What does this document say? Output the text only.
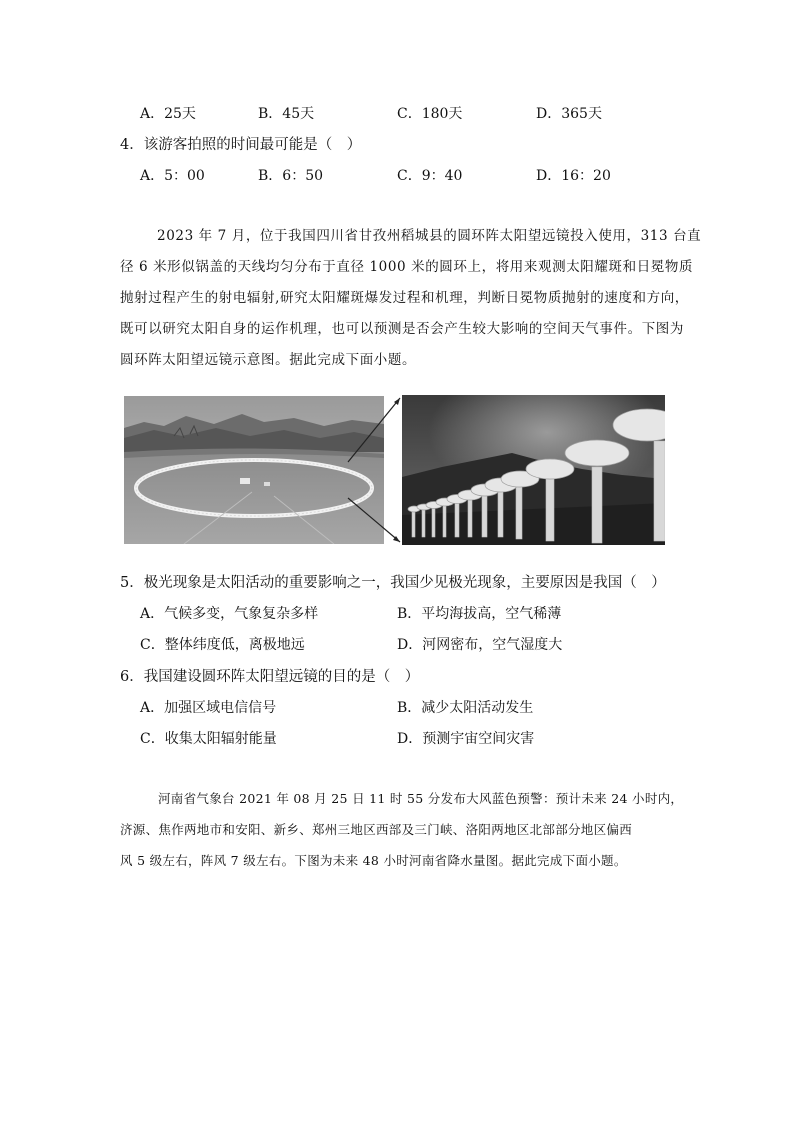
A．25天	B．45天	C．180天	D．365天
4．该游客拍照的时间最可能是（　）
A．5：00	B．6：50	C．9：40	D．16：20

2023 年 7 月，位于我国四川省甘孜州稻城县的圆环阵太阳望远镜投入使用，313 台直

径 6 米形似锅盖的天线均匀分布于直径 1000 米的圆环上，将用来观测太阳耀斑和日冕物质

抛射过程产生的射电辐射,研究太阳耀斑爆发过程和机理，判断日冕物质抛射的速度和方向，

既可以研究太阳自身的运作机理，也可以预测是否会产生较大影响的空间天气事件。下图为

圆环阵太阳望远镜示意图。据此完成下面小题。

5．极光现象是太阳活动的重要影响之一，我国少见极光现象，主要原因是我国（　）
A．气候多变，气象复杂多样	B．平均海拔高，空气稀薄
C．整体纬度低，离极地远	D．河网密布，空气湿度大
6．我国建设圆环阵太阳望远镜的目的是（　）
A．加强区域电信信号	B．减少太阳活动发生
C．收集太阳辐射能量	D．预测宇宙空间灾害

河南省气象台 2021 年 08 月 25 日 11 时 55 分发布大风蓝色预警：预计未来 24 小时内，

济源、焦作两地市和安阳、新乡、郑州三地区西部及三门峡、洛阳两地区北部部分地区偏西

风 5 级左右，阵风 7 级左右。下图为未来 48 小时河南省降水量图。据此完成下面小题。
